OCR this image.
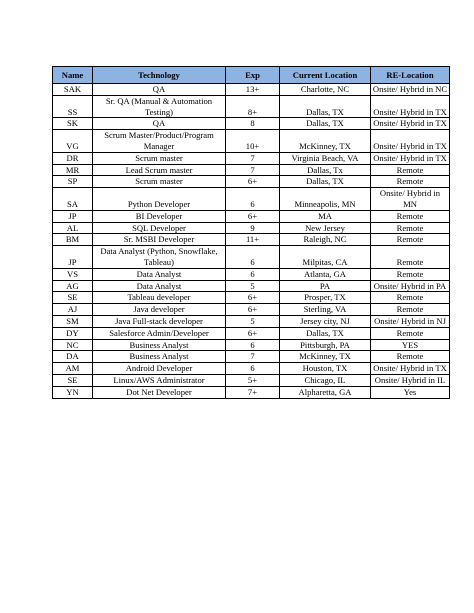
Name	Technology	Exp	Current Location	RE-Location
SAK	QA	13+	Charlotte, NC	Onsite/ Hybrid in NC
SS	Sr. QA (Manual & Automation Testing)	8+	Dallas, TX	Onsite/ Hybrid in TX
SK	QA	8	Dallas, TX	Onsite/ Hybrid in TX
VG	Scrum Master/Product/Program Manager	10+	McKinney, TX	Onsite/ Hybrid in TX
DR	Scrum master	7	Virginia Beach, VA	Onsite/ Hybrid in TX
MR	Lead Scrum master	7	Dallas, Tx	Remote
SP	Scrum master	6+	Dallas, TX	Remote
SA	Python Developer	6	Minneapolis, MN	Onsite/ Hybrid in MN
JP	BI Developer	6+	MA	Remote
AL	SQL Developer	9	New Jersey	Remote
BM	Sr. MSBI Developer	11+	Raleigh, NC	Remote
JP	Data Analyst (Python, Snowflake, Tableau)	6	Milpitas, CA	Remote
VS	Data Analyst	6	Atlanta, GA	Remote
AG	Data Analyst	5	PA	Onsite/ Hybrid in PA
SE	Tableau developer	6+	Prosper, TX	Remote
AJ	Java developer	6+	Sterling, VA	Remote
SM	Java Full-stack developer	5	Jersey city, NJ	Onsite/ Hybrid in NJ
DY	Salesforce Admin/Developer	6+	Dallas, TX	Remote
NC	Business Analyst	6	Pittsburgh, PA	YES
DA	Business Analyst	7	McKinney, TX	Remote
AM	Android Developer	6	Houston, TX	Onsite/ Hybrid in TX
SE	Linux/AWS Administrator	5+	Chicago, IL	Onsite/ Hybrid in IL
YN	Dot Net Developer	7+	Alpharetta, GA	Yes
